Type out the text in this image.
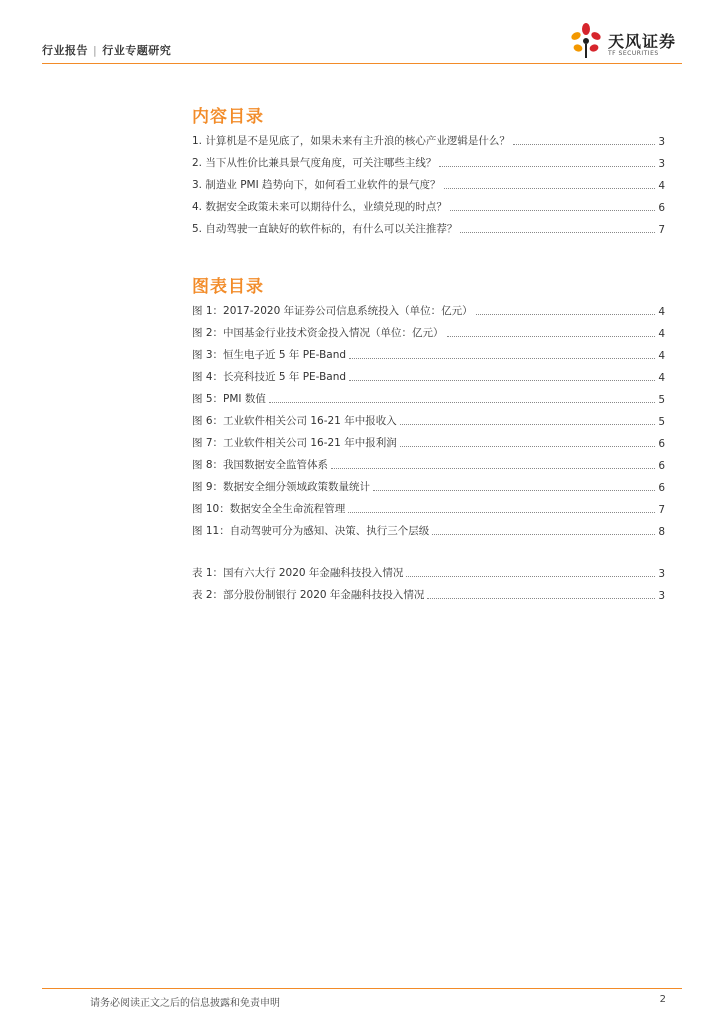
行业报告 | 行业专题研究	天风证券
TF SECURITIES
内容目录
1. 计算机是不是见底了，如果未来有主升浪的核心产业逻辑是什么？	3
2. 当下从性价比兼具景气度角度，可关注哪些主线？	3
3. 制造业 PMI 趋势向下，如何看工业软件的景气度？	4
4. 数据安全政策未来可以期待什么，业绩兑现的时点？	6
5. 自动驾驶一直缺好的软件标的，有什么可以关注推荐？	7
图表目录
图 1：2017-2020 年证券公司信息系统投入（单位：亿元）	4
图 2：中国基金行业技术资金投入情况（单位：亿元）	4
图 3：恒生电子近 5 年 PE-Band	4
图 4：长亮科技近 5 年 PE-Band	4
图 5：PMI 数值	5
图 6：工业软件相关公司 16-21 年中报收入	5
图 7：工业软件相关公司 16-21 年中报利润	6
图 8：我国数据安全监管体系	6
图 9：数据安全细分领域政策数量统计	6
图 10：数据安全全生命流程管理	7
图 11：自动驾驶可分为感知、决策、执行三个层级	8
表 1：国有六大行 2020 年金融科技投入情况	3
表 2：部分股份制银行 2020 年金融科技投入情况	3
请务必阅读正文之后的信息披露和免责申明	2
